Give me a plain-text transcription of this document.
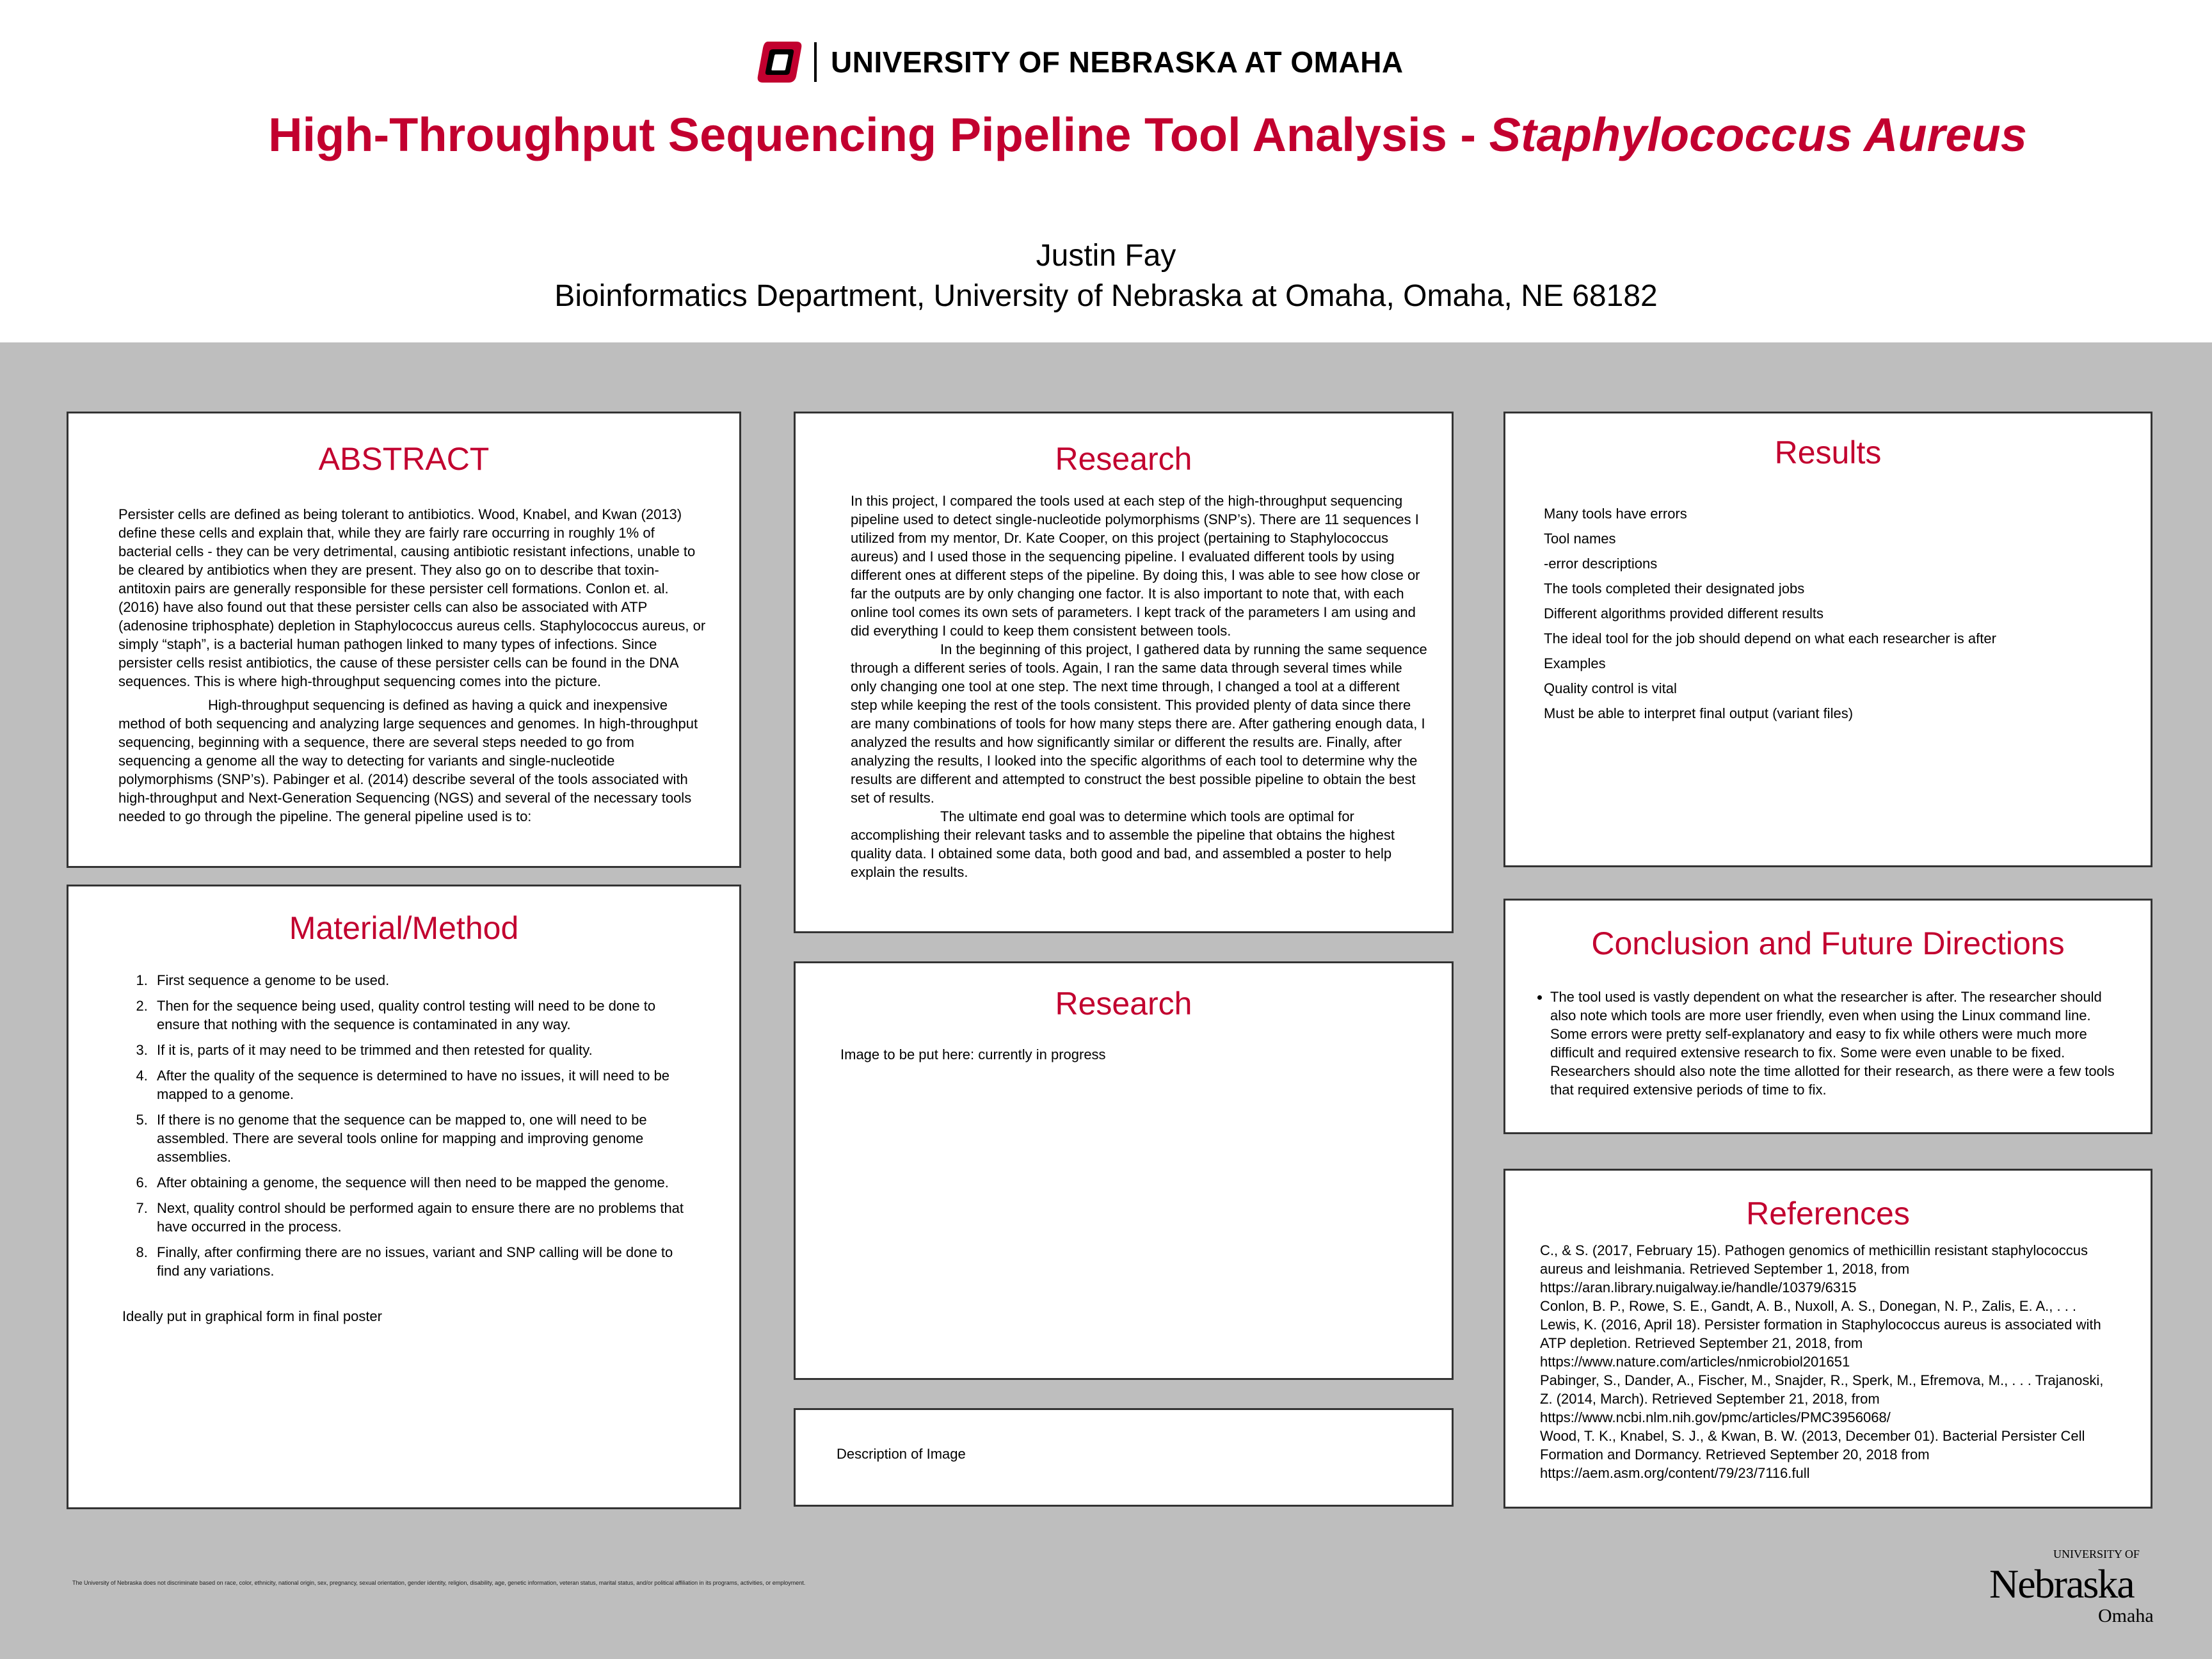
UNIVERSITY OF NEBRASKA AT OMAHA
High-Throughput Sequencing Pipeline Tool Analysis - Staphylococcus Aureus
Justin Fay
Bioinformatics Department, University of Nebraska at Omaha, Omaha, NE 68182
ABSTRACT

Persister cells are defined as being tolerant to antibiotics. Wood, Knabel, and Kwan (2013) define these cells and explain that, while they are fairly rare occurring in roughly 1% of bacterial cells - they can be very detrimental, causing antibiotic resistant infections, unable to be cleared by antibiotics when they are present. They also go on to describe that toxin-antitoxin pairs are generally responsible for these persister cell formations. Conlon et. al. (2016) have also found out that these persister cells can also be associated with ATP (adenosine triphosphate) depletion in Staphylococcus aureus cells. Staphylococcus aureus, or simply “staph”, is a bacterial human pathogen linked to many types of infections. Since persister cells resist antibiotics, the cause of these persister cells can be found in the DNA sequences. This is where high-throughput sequencing comes into the picture.

High-throughput sequencing is defined as having a quick and inexpensive method of both sequencing and analyzing large sequences and genomes. In high-throughput sequencing, beginning with a sequence, there are several steps needed to go from sequencing a genome all the way to detecting for variants and single-nucleotide polymorphisms (SNP’s). Pabinger et al. (2014) describe several of the tools associated with high-throughput and Next-Generation Sequencing (NGS) and several of the necessary tools needed to go through the pipeline. The general pipeline used is to:

Material/Method
1. First sequence a genome to be used.
2. Then for the sequence being used, quality control testing will need to be done to ensure that nothing with the sequence is contaminated in any way.
3. If it is, parts of it may need to be trimmed and then retested for quality.
4. After the quality of the sequence is determined to have no issues, it will need to be mapped to a genome.
5. If there is no genome that the sequence can be mapped to, one will need to be assembled. There are several tools online for mapping and improving genome assemblies.
6. After obtaining a genome, the sequence will then need to be mapped the genome.
7. Next, quality control should be performed again to ensure there are no problems that have occurred in the process.
8. Finally, after confirming there are no issues, variant and SNP calling will be done to find any variations.

Ideally put in graphical form in final poster

Research

In this project, I compared the tools used at each step of the high-throughput sequencing pipeline used to detect single-nucleotide polymorphisms (SNP’s). There are 11 sequences I utilized from my mentor, Dr. Kate Cooper, on this project (pertaining to Staphylococcus aureus) and I used those in the sequencing pipeline. I evaluated different tools by using different ones at different steps of the pipeline. By doing this, I was able to see how close or far the outputs are by only changing one factor. It is also important to note that, with each online tool comes its own sets of parameters. I kept track of the parameters I am using and did everything I could to keep them consistent between tools.

In the beginning of this project, I gathered data by running the same sequence through a different series of tools. Again, I ran the same data through several times while only changing one tool at one step. The next time through, I changed a tool at a different step while keeping the rest of the tools consistent. This provided plenty of data since there are many combinations of tools for how many steps there are. After gathering enough data, I analyzed the results and how significantly similar or different the results are. Finally, after analyzing the results, I looked into the specific algorithms of each tool to determine why the results are different and attempted to construct the best possible pipeline to obtain the best set of results.

The ultimate end goal was to determine which tools are optimal for accomplishing their relevant tasks and to assemble the pipeline that obtains the highest quality data. I obtained some data, both good and bad, and assembled a poster to help explain the results.

Research
Image to be put here: currently in progress
Description of Image
Results
Many tools have errors
Tool names
-error descriptions
The tools completed their designated jobs
Different algorithms provided different results
The ideal tool for the job should depend on what each researcher is after
Examples
Quality control is vital
Must be able to interpret final output (variant files)
Conclusion and Future Directions
• The tool used is vastly dependent on what the researcher is after. The researcher should also note which tools are more user friendly, even when using the Linux command line. Some errors were pretty self-explanatory and easy to fix while others were much more difficult and required extensive research to fix. Some were even unable to be fixed. Researchers should also note the time allotted for their research, as there were a few tools that required extensive periods of time to fix.
References

C., & S. (2017, February 15). Pathogen genomics of methicillin resistant staphylococcus aureus and leishmania. Retrieved September 1, 2018, from https://aran.library.nuigalway.ie/handle/10379/6315

Conlon, B. P., Rowe, S. E., Gandt, A. B., Nuxoll, A. S., Donegan, N. P., Zalis, E. A., . . . Lewis, K. (2016, April 18). Persister formation in Staphylococcus aureus is associated with ATP depletion. Retrieved September 21, 2018, from https://www.nature.com/articles/nmicrobiol201651

Pabinger, S., Dander, A., Fischer, M., Snajder, R., Sperk, M., Efremova, M., . . . Trajanoski, Z. (2014, March). Retrieved September 21, 2018, from https://www.ncbi.nlm.nih.gov/pmc/articles/PMC3956068/

Wood, T. K., Knabel, S. J., & Kwan, B. W. (2013, December 01). Bacterial Persister Cell Formation and Dormancy. Retrieved September 20, 2018 from https://aem.asm.org/content/79/23/7116.full

The University of Nebraska does not discriminate based on race, color, ethnicity, national origin, sex, pregnancy, sexual orientation, gender identity, religion, disability, age, genetic information, veteran status, marital status, and/or political affiliation in its programs, activities, or employment.
UNIVERSITY OF
Nebraska
Omaha
